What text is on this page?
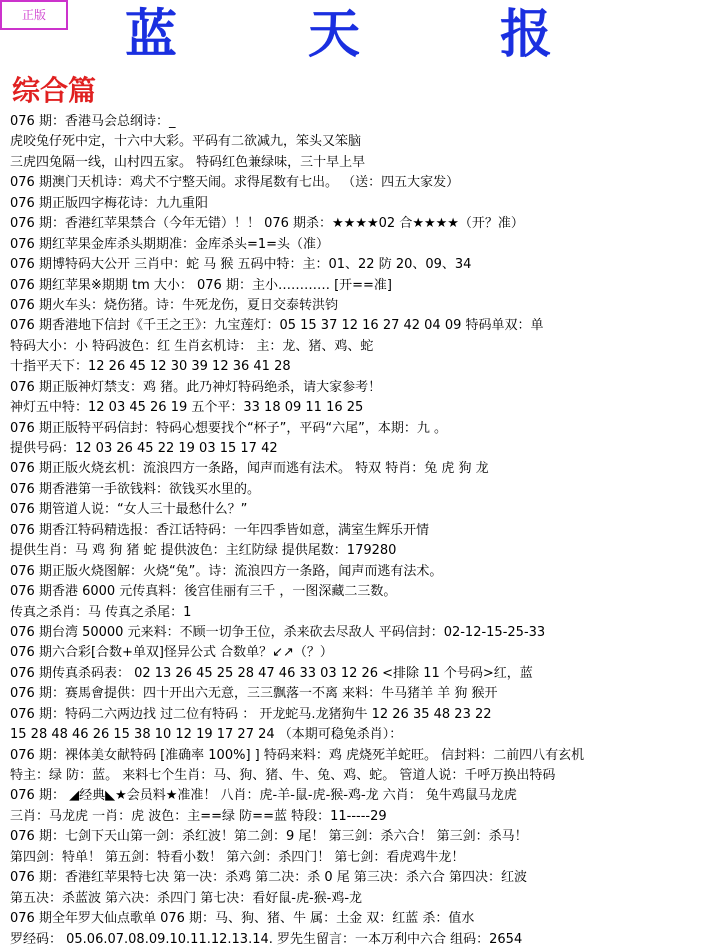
正版	蓝	天	报
综合篇
076 期：香港马会总纲诗：_
虎咬兔仔死中定，十六中大彩。平码有二欲减九，笨头又笨脑
三虎四兔隔一线，山村四五家。 特码红色兼绿味，三十早上早
076 期澳门天机诗：鸡犬不宁整天闹。求得尾数有七出。 （送：四五大家发）
076 期正版四字梅花诗：九九重阳
076 期：香港红苹果禁合（今年无错）！！ 076 期杀：★★★★02 合★★★★（开？准）
076 期红苹果金库杀头期期准：金库杀头=1=头（准）
076 期博特码大公开 三肖中：蛇 马 猴 五码中特：主：01、22 防 20、09、34
076 期红苹果※期期 tm 大小： 076 期：主小………… [开==准]
076 期火车头：烧伤猪。诗：牛死龙伤，夏日交泰转洪钧
076 期香港地下信封《千王之王》：九宝莲灯：05 15 37 12 16 27 42 04 09 特码单双：单
特码大小：小 特码波色：红 生肖玄机诗： 主：龙、猪、鸡、蛇
十指平天下：12 26 45 12 30 39 12 36 41 28
076 期正版神灯禁支：鸡 猪。此乃神灯特码绝杀，请大家参考！
神灯五中特：12 03 45 26 19 五个平：33 18 09 11 16 25
076 期正版特平码信封：特码心想要找个“杯子”，平码“六尾”，本期：九 。
提供号码：12 03 26 45 22 19 03 15 17 42
076 期正版火烧玄机：流浪四方一条路，闻声而逃有法术。 特双 特肖：兔 虎 狗 龙
076 期香港第一手欲钱料：欲钱买水里的。
076 期管道人说：“女人三十最愁什么？”
076 期香江特码精选报：香江话特码：一年四季皆如意，满室生辉乐开情
提供生肖：马 鸡 狗 猪 蛇 提供波色：主红防绿 提供尾数：179280
076 期正版火烧图解：火烧“兔”。诗：流浪四方一条路，闻声而逃有法术。
076 期香港 6000 元传真料：後宫佳丽有三千 ，一图深藏二三数。
传真之杀肖：马 传真之杀尾：1
076 期台湾 50000 元来料：不顾一切争王位，杀来砍去尽敌人 平码信封：02-12-15-25-33
076 期六合彩[合数+单双]怪异公式 合数单？↙↗（？）
076 期传真杀码表： 02 13 26 45 25 28 47 46 33 03 12 26 <排除 11 个号码>红，蓝
076 期：赛馬會提供：四十开出六无意，三三飘落一不离 来料：牛马猪羊 羊 狗 猴开
076 期：特码二六两边找 过二位有特码 ： 开龙蛇马.龙猪狗牛 12 26 35 48 23 22
15 28 48 46 26 15 38 10 12 19 17 27 24 （本期可稳兔杀肖）：
076 期：裸体美女献特码 [准确率 100%] ] 特码来料：鸡 虎烧死羊蛇旺。 信封料：二前四八有玄机
特主：绿 防：蓝。 来料七个生肖：马、狗、猪、牛、兔、鸡、蛇。 管道人说：千呼万换出特码
076 期： ◢经典◣★会员料★准准！ 八肖：虎-羊-鼠-虎-猴-鸡-龙 六肖： 兔牛鸡鼠马龙虎
三肖：马龙虎 一肖：虎 波色：主==绿 防==蓝 特段：11-----29
076 期：七剑下天山第一剑：杀红波！第二剑：9 尾！ 第三剑：杀六合！ 第三剑：杀马！
第四剑：特单！ 第五剑：特看小数！ 第六剑：杀四门！ 第七剑：看虎鸡牛龙！
076 期：香港红苹果特七决 第一决：杀鸡 第二决：杀 0 尾 第三决：杀六合 第四决：红波
第五决：杀蓝波 第六决：杀四门 第七决：看好鼠-虎-猴-鸡-龙
076 期全年罗大仙点歌单 076 期：马、狗、猪、牛 属：土金 双：红蓝 杀：值水
罗经码： 05.06.07.08.09.10.11.12.13.14. 罗先生留言：一本万利中六合 组码：2654
